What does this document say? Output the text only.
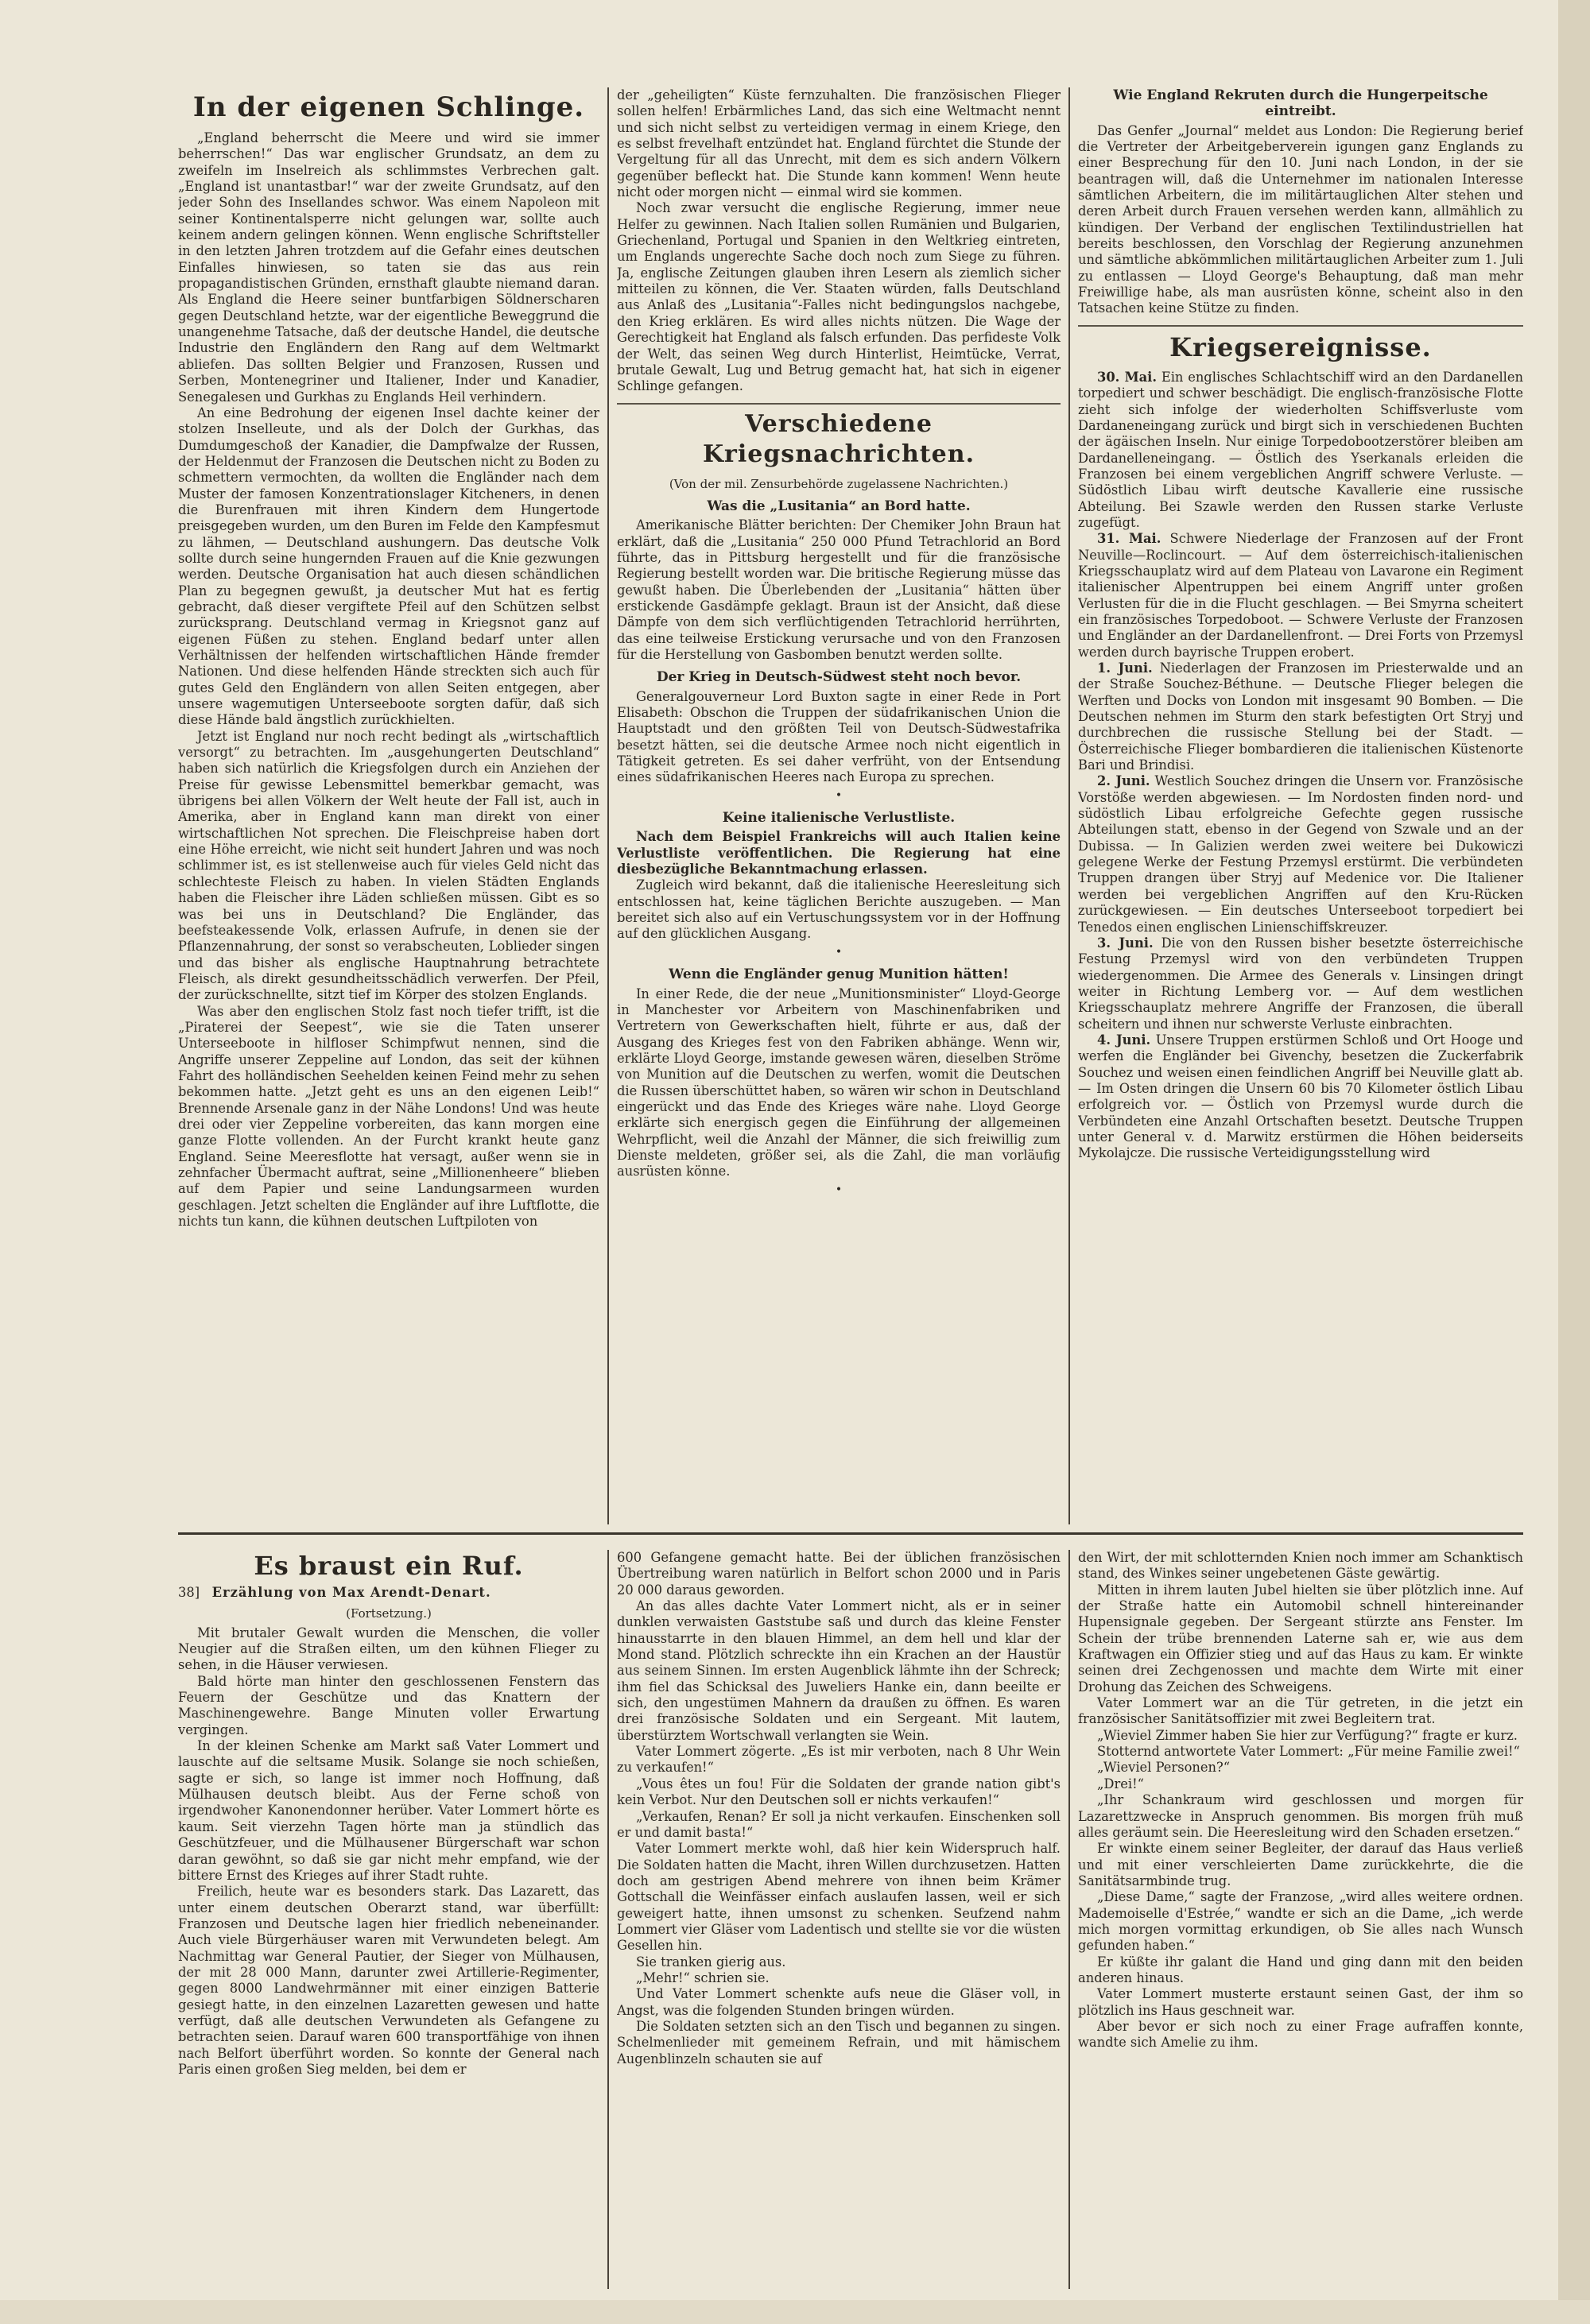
In der eigenen Schlinge.

„England beherrscht die Meere und wird sie immer beherrschen!“ Das war englischer Grundsatz, an dem zu zweifeln im Inselreich als schlimmstes Verbrechen galt. „England ist unantastbar!“ war der zweite Grundsatz, auf den jeder Sohn des Insellandes schwor. Was einem Napoleon mit seiner Kontinentalsperre nicht gelungen war, sollte auch keinem andern gelingen können. Wenn englische Schriftsteller in den letzten Jahren trotzdem auf die Gefahr eines deutschen Einfalles hinwiesen, so taten sie das aus rein propagandistischen Gründen, ernsthaft glaubte niemand daran. Als England die Heere seiner buntfarbigen Söldnerscharen gegen Deutschland hetzte, war der eigentliche Beweggrund die unangenehme Tatsache, daß der deutsche Handel, die deutsche Industrie den Engländern den Rang auf dem Weltmarkt abliefen. Das sollten Belgier und Franzosen, Russen und Serben, Montenegriner und Italiener, Inder und Kanadier, Senegalesen und Gurkhas zu Englands Heil verhindern.

An eine Bedrohung der eigenen Insel dachte keiner der stolzen Inselleute, und als der Dolch der Gurkhas, das Dumdumgeschoß der Kanadier, die Dampfwalze der Russen, der Heldenmut der Franzosen die Deutschen nicht zu Boden zu schmettern vermochten, da wollten die Engländer nach dem Muster der famosen Konzentrationslager Kitcheners, in denen die Burenfrauen mit ihren Kindern dem Hungertode preisgegeben wurden, um den Buren im Felde den Kampfesmut zu lähmen, — Deutschland aushungern. Das deutsche Volk sollte durch seine hungernden Frauen auf die Knie gezwungen werden. Deutsche Organisation hat auch diesen schändlichen Plan zu begegnen gewußt, ja deutscher Mut hat es fertig gebracht, daß dieser vergiftete Pfeil auf den Schützen selbst zurücksprang. Deutschland vermag in Kriegsnot ganz auf eigenen Füßen zu stehen. England bedarf unter allen Verhältnissen der helfenden wirtschaftlichen Hände fremder Nationen. Und diese helfenden Hände streckten sich auch für gutes Geld den Engländern von allen Seiten entgegen, aber unsere wagemutigen Unterseeboote sorgten dafür, daß sich diese Hände bald ängstlich zurückhielten.

Jetzt ist England nur noch recht bedingt als „wirtschaftlich versorgt“ zu betrachten. Im „ausgehungerten Deutschland“ haben sich natürlich die Kriegsfolgen durch ein Anziehen der Preise für gewisse Lebensmittel bemerkbar gemacht, was übrigens bei allen Völkern der Welt heute der Fall ist, auch in Amerika, aber in England kann man direkt von einer wirtschaftlichen Not sprechen. Die Fleischpreise haben dort eine Höhe erreicht, wie nicht seit hundert Jahren und was noch schlimmer ist, es ist stellenweise auch für vieles Geld nicht das schlechteste Fleisch zu haben. In vielen Städten Englands haben die Fleischer ihre Läden schließen müssen. Gibt es so was bei uns in Deutschland? Die Engländer, das beefsteakessende Volk, erlassen Aufrufe, in denen sie der Pflanzennahrung, der sonst so verabscheuten, Loblieder singen und das bisher als englische Hauptnahrung betrachtete Fleisch, als direkt gesundheitsschädlich verwerfen. Der Pfeil, der zurückschnellte, sitzt tief im Körper des stolzen Englands.

Was aber den englischen Stolz fast noch tiefer trifft, ist die „Piraterei der Seepest“, wie sie die Taten unserer Unterseeboote in hilfloser Schimpfwut nennen, sind die Angriffe unserer Zeppeline auf London, das seit der kühnen Fahrt des holländischen Seehelden keinen Feind mehr zu sehen bekommen hatte. „Jetzt geht es uns an den eigenen Leib!“ Brennende Arsenale ganz in der Nähe Londons! Und was heute drei oder vier Zeppeline vorbereiten, das kann morgen eine ganze Flotte vollenden. An der Furcht krankt heute ganz England. Seine Meeresflotte hat versagt, außer wenn sie in zehnfacher Übermacht auftrat, seine „Millionenheere“ blieben auf dem Papier und seine Landungsarmeen wurden geschlagen. Jetzt schelten die Engländer auf ihre Luftflotte, die nichts tun kann, die kühnen deutschen Luftpiloten von

der „geheiligten“ Küste fernzuhalten. Die französischen Flieger sollen helfen! Erbärmliches Land, das sich eine Weltmacht nennt und sich nicht selbst zu verteidigen vermag in einem Kriege, den es selbst frevelhaft entzündet hat. England fürchtet die Stunde der Vergeltung für all das Unrecht, mit dem es sich andern Völkern gegenüber befleckt hat. Die Stunde kann kommen! Wenn heute nicht oder morgen nicht — einmal wird sie kommen.

Noch zwar versucht die englische Regierung, immer neue Helfer zu gewinnen. Nach Italien sollen Rumänien und Bulgarien, Griechenland, Portugal und Spanien in den Weltkrieg eintreten, um Englands ungerechte Sache doch noch zum Siege zu führen. Ja, englische Zeitungen glauben ihren Lesern als ziemlich sicher mitteilen zu können, die Ver. Staaten würden, falls Deutschland aus Anlaß des „Lusitania“-Falles nicht bedingungslos nachgebe, den Krieg erklären. Es wird alles nichts nützen. Die Wage der Gerechtigkeit hat England als falsch erfunden. Das perfideste Volk der Welt, das seinen Weg durch Hinterlist, Heimtücke, Verrat, brutale Gewalt, Lug und Betrug gemacht hat, hat sich in eigener Schlinge gefangen.

Verschiedene Kriegsnachrichten.
(Von der mil. Zensurbehörde zugelassene Nachrichten.)
Was die „Lusitania“ an Bord hatte.

Amerikanische Blätter berichten: Der Chemiker John Braun hat erklärt, daß die „Lusitania“ 250 000 Pfund Tetrachlorid an Bord führte, das in Pittsburg hergestellt und für die französische Regierung bestellt worden war. Die britische Regierung müsse das gewußt haben. Die Überlebenden der „Lusitania“ hätten über erstickende Gasdämpfe geklagt. Braun ist der Ansicht, daß diese Dämpfe von dem sich verflüchtigenden Tetrachlorid herrührten, das eine teilweise Erstickung verursache und von den Franzosen für die Herstellung von Gasbomben benutzt werden sollte.

Der Krieg in Deutsch-Südwest steht noch bevor.

Generalgouverneur Lord Buxton sagte in einer Rede in Port Elisabeth: Obschon die Truppen der südafrikanischen Union die Hauptstadt und den größten Teil von Deutsch-Südwestafrika besetzt hätten, sei die deutsche Armee noch nicht eigentlich in Tätigkeit getreten. Es sei daher verfrüht, von der Entsendung eines südafrikanischen Heeres nach Europa zu sprechen.

•
Keine italienische Verlustliste.

Nach dem Beispiel Frankreichs will auch Italien keine Verlustliste veröffentlichen. Die Regierung hat eine diesbezügliche Bekanntmachung erlassen.

Zugleich wird bekannt, daß die italienische Heeresleitung sich entschlossen hat, keine täglichen Berichte auszugeben. — Man bereitet sich also auf ein Vertuschungssystem vor in der Hoffnung auf den glücklichen Ausgang.

•
Wenn die Engländer genug Munition hätten!

In einer Rede, die der neue „Munitionsminister“ Lloyd-George in Manchester vor Arbeitern von Maschinenfabriken und Vertretern von Gewerkschaften hielt, führte er aus, daß der Ausgang des Krieges fest von den Fabriken abhänge. Wenn wir, erklärte Lloyd George, imstande gewesen wären, dieselben Ströme von Munition auf die Deutschen zu werfen, womit die Deutschen die Russen überschüttet haben, so wären wir schon in Deutschland eingerückt und das Ende des Krieges wäre nahe. Lloyd George erklärte sich energisch gegen die Einführung der allgemeinen Wehrpflicht, weil die Anzahl der Männer, die sich freiwillig zum Dienste meldeten, größer sei, als die Zahl, die man vorläufig ausrüsten könne.

•
Wie England Rekruten durch die Hungerpeitsche eintreibt.

Das Genfer „Journal“ meldet aus London: Die Regierung berief die Vertreter der Arbeitgeberverein igungen ganz Englands zu einer Besprechung für den 10. Juni nach London, in der sie beantragen will, daß die Unternehmer im nationalen Interesse sämtlichen Arbeitern, die im militärtauglichen Alter stehen und deren Arbeit durch Frauen versehen werden kann, allmählich zu kündigen. Der Verband der englischen Textilindustriellen hat bereits beschlossen, den Vorschlag der Regierung anzunehmen und sämtliche abkömmlichen militärtauglichen Arbeiter zum 1. Juli zu entlassen — Lloyd George's Behauptung, daß man mehr Freiwillige habe, als man ausrüsten könne, scheint also in den Tatsachen keine Stütze zu finden.

Kriegsereignisse.

30. Mai. Ein englisches Schlachtschiff wird an den Dardanellen torpediert und schwer beschädigt. Die englisch-französische Flotte zieht sich infolge der wiederholten Schiffsverluste vom Dardaneneingang zurück und birgt sich in verschiedenen Buchten der ägäischen Inseln. Nur einige Torpedobootzerstörer bleiben am Dardanelleneingang. — Östlich des Yserkanals erleiden die Franzosen bei einem vergeblichen Angriff schwere Verluste. — Südöstlich Libau wirft deutsche Kavallerie eine russische Abteilung. Bei Szawle werden den Russen starke Verluste zugefügt.

31. Mai. Schwere Niederlage der Franzosen auf der Front Neuville—Roclincourt. — Auf dem österreichisch-italienischen Kriegsschauplatz wird auf dem Plateau von Lavarone ein Regiment italienischer Alpentruppen bei einem Angriff unter großen Verlusten für die in die Flucht geschlagen. — Bei Smyrna scheitert ein französisches Torpedoboot. — Schwere Verluste der Franzosen und Engländer an der Dardanellenfront. — Drei Forts von Przemysl werden durch bayrische Truppen erobert.

1. Juni. Niederlagen der Franzosen im Priesterwalde und an der Straße Souchez-Béthune. — Deutsche Flieger belegen die Werften und Docks von London mit insgesamt 90 Bomben. — Die Deutschen nehmen im Sturm den stark befestigten Ort Stryj und durchbrechen die russische Stellung bei der Stadt. — Österreichische Flieger bombardieren die italienischen Küstenorte Bari und Brindisi.

2. Juni. Westlich Souchez dringen die Unsern vor. Französische Vorstöße werden abgewiesen. — Im Nordosten finden nord- und südöstlich Libau erfolgreiche Gefechte gegen russische Abteilungen statt, ebenso in der Gegend von Szwale und an der Dubissa. — In Galizien werden zwei weitere bei Dukowiczi gelegene Werke der Festung Przemysl erstürmt. Die verbündeten Truppen drangen über Stryj auf Medenice vor. Die Italiener werden bei vergeblichen Angriffen auf den Kru-Rücken zurückgewiesen. — Ein deutsches Unterseeboot torpediert bei Tenedos einen englischen Linienschiffskreuzer.

3. Juni. Die von den Russen bisher besetzte österreichische Festung Przemysl wird von den verbündeten Truppen wiedergenommen. Die Armee des Generals v. Linsingen dringt weiter in Richtung Lemberg vor. — Auf dem westlichen Kriegsschauplatz mehrere Angriffe der Franzosen, die überall scheitern und ihnen nur schwerste Verluste einbrachten.

4. Juni. Unsere Truppen erstürmen Schloß und Ort Hooge und werfen die Engländer bei Givenchy, besetzen die Zuckerfabrik Souchez und weisen einen feindlichen Angriff bei Neuville glatt ab. — Im Osten dringen die Unsern 60 bis 70 Kilometer östlich Libau erfolgreich vor. — Östlich von Przemysl wurde durch die Verbündeten eine Anzahl Ortschaften besetzt. Deutsche Truppen unter General v. d. Marwitz erstürmen die Höhen beiderseits Mykolajcze. Die russische Verteidigungsstellung wird

Es braust ein Ruf.
38] Erzählung von Max Arendt-Denart.
(Fortsetzung.)

Mit brutaler Gewalt wurden die Menschen, die voller Neugier auf die Straßen eilten, um den kühnen Flieger zu sehen, in die Häuser verwiesen.

Bald hörte man hinter den geschlossenen Fenstern das Feuern der Geschütze und das Knattern der Maschinengewehre. Bange Minuten voller Erwartung vergingen.

In der kleinen Schenke am Markt saß Vater Lommert und lauschte auf die seltsame Musik. Solange sie noch schießen, sagte er sich, so lange ist immer noch Hoffnung, daß Mülhausen deutsch bleibt. Aus der Ferne schoß von irgendwoher Kanonendonner herüber. Vater Lommert hörte es kaum. Seit vierzehn Tagen hörte man ja stündlich das Geschützfeuer, und die Mülhausener Bürgerschaft war schon daran gewöhnt, so daß sie gar nicht mehr empfand, wie der bittere Ernst des Krieges auf ihrer Stadt ruhte.

Freilich, heute war es besonders stark. Das Lazarett, das unter einem deutschen Oberarzt stand, war überfüllt: Franzosen und Deutsche lagen hier friedlich nebeneinander. Auch viele Bürgerhäuser waren mit Verwundeten belegt. Am Nachmittag war General Pautier, der Sieger von Mülhausen, der mit 28 000 Mann, darunter zwei Artillerie-Regimenter, gegen 8000 Landwehrmänner mit einer einzigen Batterie gesiegt hatte, in den einzelnen Lazaretten gewesen und hatte verfügt, daß alle deutschen Verwundeten als Gefangene zu betrachten seien. Darauf waren 600 transportfähige von ihnen nach Belfort überführt worden. So konnte der General nach Paris einen großen Sieg melden, bei dem er

600 Gefangene gemacht hatte. Bei der üblichen französischen Übertreibung waren natürlich in Belfort schon 2000 und in Paris 20 000 daraus geworden.

An das alles dachte Vater Lommert nicht, als er in seiner dunklen verwaisten Gaststube saß und durch das kleine Fenster hinausstarrte in den blauen Himmel, an dem hell und klar der Mond stand. Plötzlich schreckte ihn ein Krachen an der Haustür aus seinem Sinnen. Im ersten Augenblick lähmte ihn der Schreck; ihm fiel das Schicksal des Juweliers Hanke ein, dann beeilte er sich, den ungestümen Mahnern da draußen zu öffnen. Es waren drei französische Soldaten und ein Sergeant. Mit lautem, überstürztem Wortschwall verlangten sie Wein.

Vater Lommert zögerte. „Es ist mir verboten, nach 8 Uhr Wein zu verkaufen!“

„Vous êtes un fou! Für die Soldaten der grande nation gibt's kein Verbot. Nur den Deutschen soll er nichts verkaufen!“

„Verkaufen, Renan? Er soll ja nicht verkaufen. Einschenken soll er und damit basta!“

Vater Lommert merkte wohl, daß hier kein Widerspruch half. Die Soldaten hatten die Macht, ihren Willen durchzusetzen. Hatten doch am gestrigen Abend mehrere von ihnen beim Krämer Gottschall die Weinfässer einfach auslaufen lassen, weil er sich geweigert hatte, ihnen umsonst zu schenken. Seufzend nahm Lommert vier Gläser vom Ladentisch und stellte sie vor die wüsten Gesellen hin.

Sie tranken gierig aus.

„Mehr!“ schrien sie.

Und Vater Lommert schenkte aufs neue die Gläser voll, in Angst, was die folgenden Stunden bringen würden.

Die Soldaten setzten sich an den Tisch und begannen zu singen. Schelmenlieder mit gemeinem Refrain, und mit hämischem Augenblinzeln schauten sie auf

den Wirt, der mit schlotternden Knien noch immer am Schanktisch stand, des Winkes seiner ungebetenen Gäste gewärtig.

Mitten in ihrem lauten Jubel hielten sie über plötzlich inne. Auf der Straße hatte ein Automobil schnell hintereinander Hupensignale gegeben. Der Sergeant stürzte ans Fenster. Im Schein der trübe brennenden Laterne sah er, wie aus dem Kraftwagen ein Offizier stieg und auf das Haus zu kam. Er winkte seinen drei Zechgenossen und machte dem Wirte mit einer Drohung das Zeichen des Schweigens.

Vater Lommert war an die Tür getreten, in die jetzt ein französischer Sanitätsoffizier mit zwei Begleitern trat.

„Wieviel Zimmer haben Sie hier zur Verfügung?“ fragte er kurz.

Stotternd antwortete Vater Lommert: „Für meine Familie zwei!“

„Wieviel Personen?“

„Drei!“

„Ihr Schankraum wird geschlossen und morgen für Lazarettzwecke in Anspruch genommen. Bis morgen früh muß alles geräumt sein. Die Heeresleitung wird den Schaden ersetzen.“

Er winkte einem seiner Begleiter, der darauf das Haus verließ und mit einer verschleierten Dame zurückkehrte, die die Sanitätsarmbinde trug.

„Diese Dame,“ sagte der Franzose, „wird alles weitere ordnen. Mademoiselle d'Estrée,“ wandte er sich an die Dame, „ich werde mich morgen vormittag erkundigen, ob Sie alles nach Wunsch gefunden haben.“

Er küßte ihr galant die Hand und ging dann mit den beiden anderen hinaus.

Vater Lommert musterte erstaunt seinen Gast, der ihm so plötzlich ins Haus geschneit war.

Aber bevor er sich noch zu einer Frage aufraffen konnte, wandte sich Amelie zu ihm.
